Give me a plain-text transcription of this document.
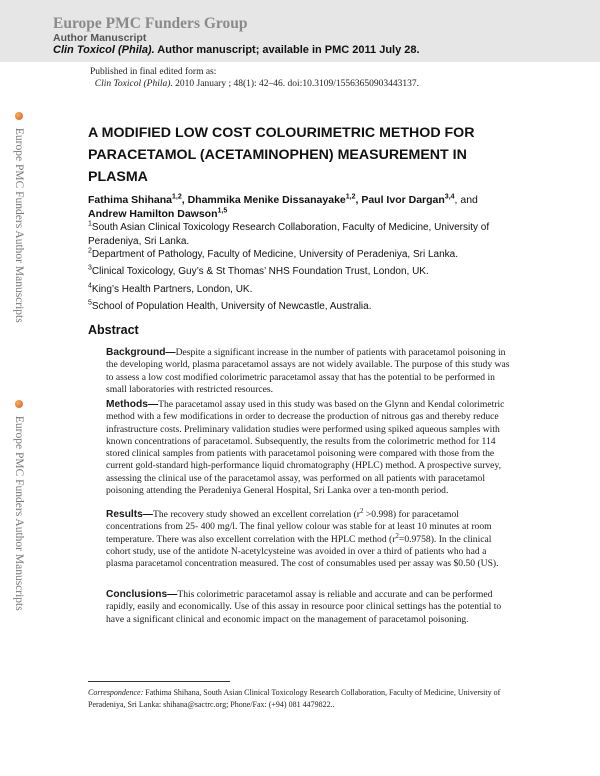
Europe PMC Funders Group
Author Manuscript
Clin Toxicol (Phila). Author manuscript; available in PMC 2011 July 28.
Europe PMC Funders Author Manuscripts
Europe PMC Funders Author Manuscripts
Published in final edited form as:
Clin Toxicol (Phila). 2010 January ; 48(1): 42–46. doi:10.3109/15563650903443137.
A MODIFIED LOW COST COLOURIMETRIC METHOD FOR PARACETAMOL (ACETAMINOPHEN) MEASUREMENT IN PLASMA
Fathima Shihana$^{1,2}$, Dhammika Menike Dissanayake$^{1,2}$, Paul Ivor Dargan$^{3,4}$, and Andrew Hamilton Dawson$^{1,5}$
$^1$South Asian Clinical Toxicology Research Collaboration, Faculty of Medicine, University of Peradeniya, Sri Lanka.
$^2$Department of Pathology, Faculty of Medicine, University of Peradeniya, Sri Lanka.
$^3$Clinical Toxicology, Guy’s & St Thomas’ NHS Foundation Trust, London, UK.
$^4$King’s Health Partners, London, UK.
$^5$School of Population Health, University of Newcastle, Australia.
Abstract
Background—Despite a significant increase in the number of patients with paracetamol poisoning in the developing world, plasma paracetamol assays are not widely available. The purpose of this study was to assess a low cost modified colorimetric paracetamol assay that has the potential to be performed in small laboratories with restricted resources.
Methods—The paracetamol assay used in this study was based on the Glynn and Kendal colorimetric method with a few modifications in order to decrease the production of nitrous gas and thereby reduce infrastructure costs. Preliminary validation studies were performed using spiked aqueous samples with known concentrations of paracetamol. Subsequently, the results from the colorimetric method for 114 stored clinical samples from patients with paracetamol poisoning were compared with those from the current gold-standard high-performance liquid chromatography (HPLC) method. A prospective survey, assessing the clinical use of the paracetamol assay, was performed on all patients with paracetamol poisoning attending the Peradeniya General Hospital, Sri Lanka over a ten-month period.
Results—The recovery study showed an excellent correlation $(r^2 >0.998)$ for paracetamol concentrations from 25- 400 mg/l. The final yellow colour was stable for at least 10 minutes at room temperature. There was also excellent correlation with the HPLC method $(r^2=0.9758)$. In the clinical cohort study, use of the antidote N-acetylcysteine was avoided in over a third of patients who had a plasma paracetamol concentration measured. The cost of consumables used per assay was $0.50 (US).
Conclusions—This colorimetric paracetamol assay is reliable and accurate and can be performed rapidly, easily and economically. Use of this assay in resource poor clinical settings has the potential to have a significant clinical and economic impact on the management of paracetamol poisoning.
Correspondence: Fathima Shihana, South Asian Clinical Toxicology Research Collaboration, Faculty of Medicine, University of Peradeniya, Sri Lanka: shihana@sactrc.org; Phone/Fax: (+94) 081 4479822..
